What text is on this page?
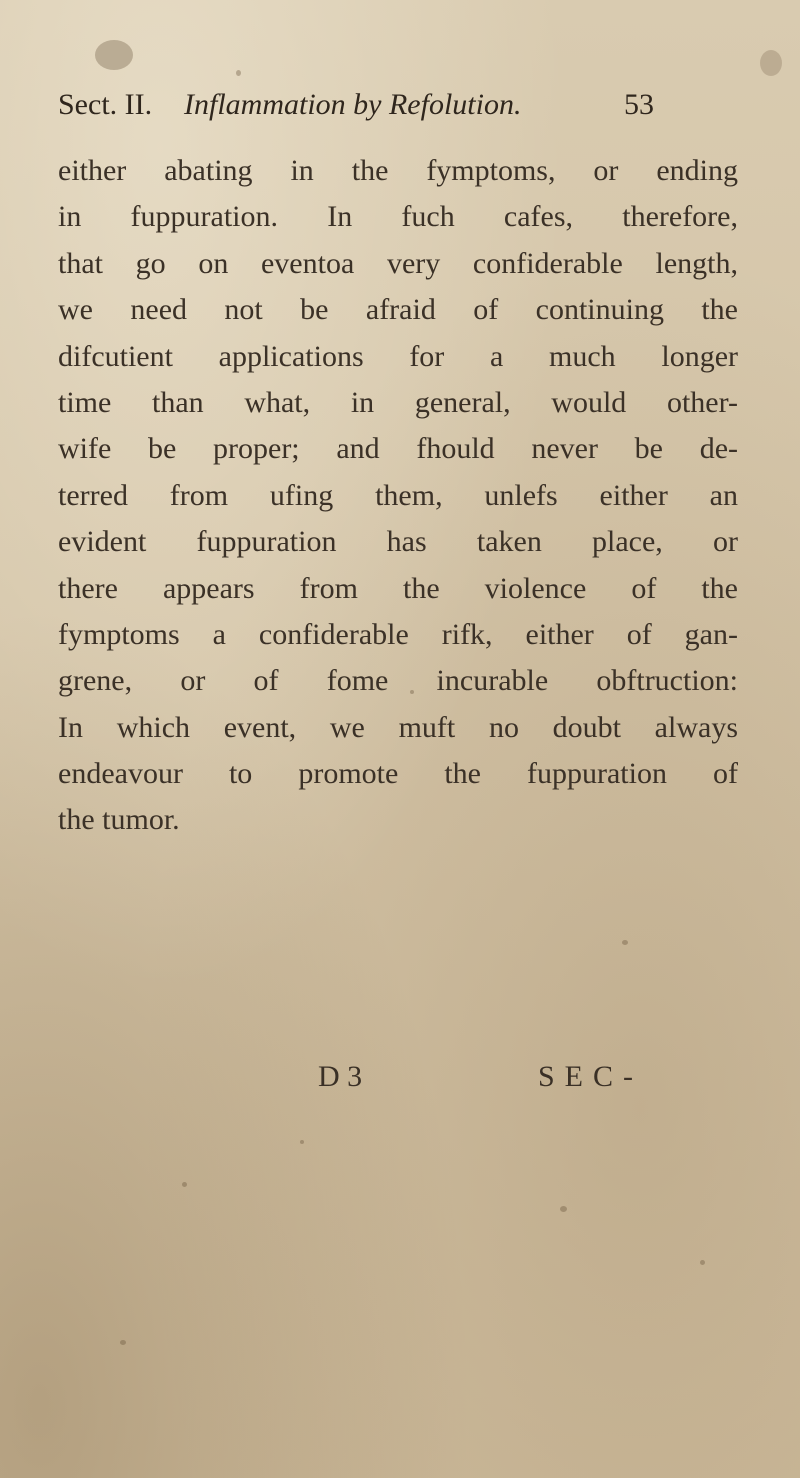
Sect. II. Inflammation by Refolution.	53
either abating in the fymptoms, or ending
in fuppuration. In fuch cafes, therefore,
that go on eventoa very confiderable length,
we need not be afraid of continuing the
difcutient applications for a much longer
time than what, in general, would other-
wife be proper; and fhould never be de-
terred from ufing them, unlefs either an
evident fuppuration has taken place, or
there appears from the violence of the
fymptoms a confiderable rifk, either of gan-
grene, or of fome incurable obftruction:
In which event, we muft no doubt always
endeavour to promote the fuppuration of
the tumor.
D 3	SEC-
